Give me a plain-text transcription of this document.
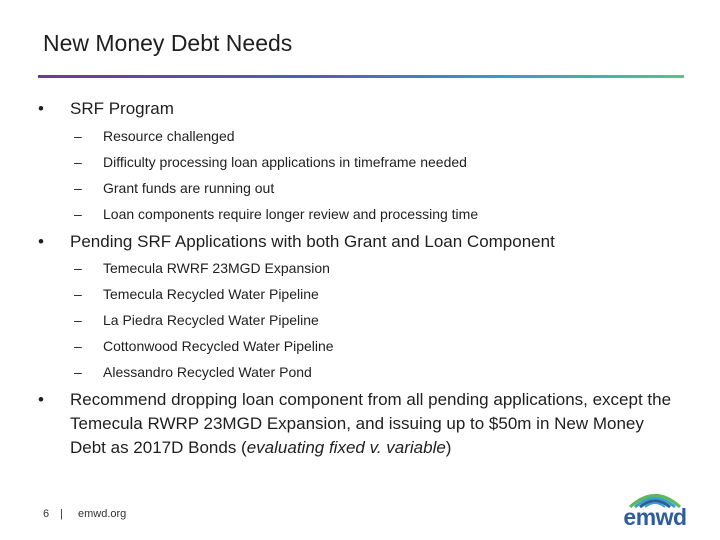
New Money Debt Needs
• SRF Program
– Resource challenged
– Difficulty processing loan applications in timeframe needed
– Grant funds are running out
– Loan components require longer review and processing time
• Pending SRF Applications with both Grant and Loan Component
– Temecula RWRF 23MGD Expansion
– Temecula Recycled Water Pipeline
– La Piedra Recycled Water Pipeline
– Cottonwood Recycled Water Pipeline
– Alessandro Recycled Water Pond
• Recommend dropping loan component from all pending applications, except the Temecula RWRP 23MGD Expansion, and issuing up to $50m in New Money Debt as 2017D Bonds (evaluating fixed v. variable)
6 | emwd.org	emwd
